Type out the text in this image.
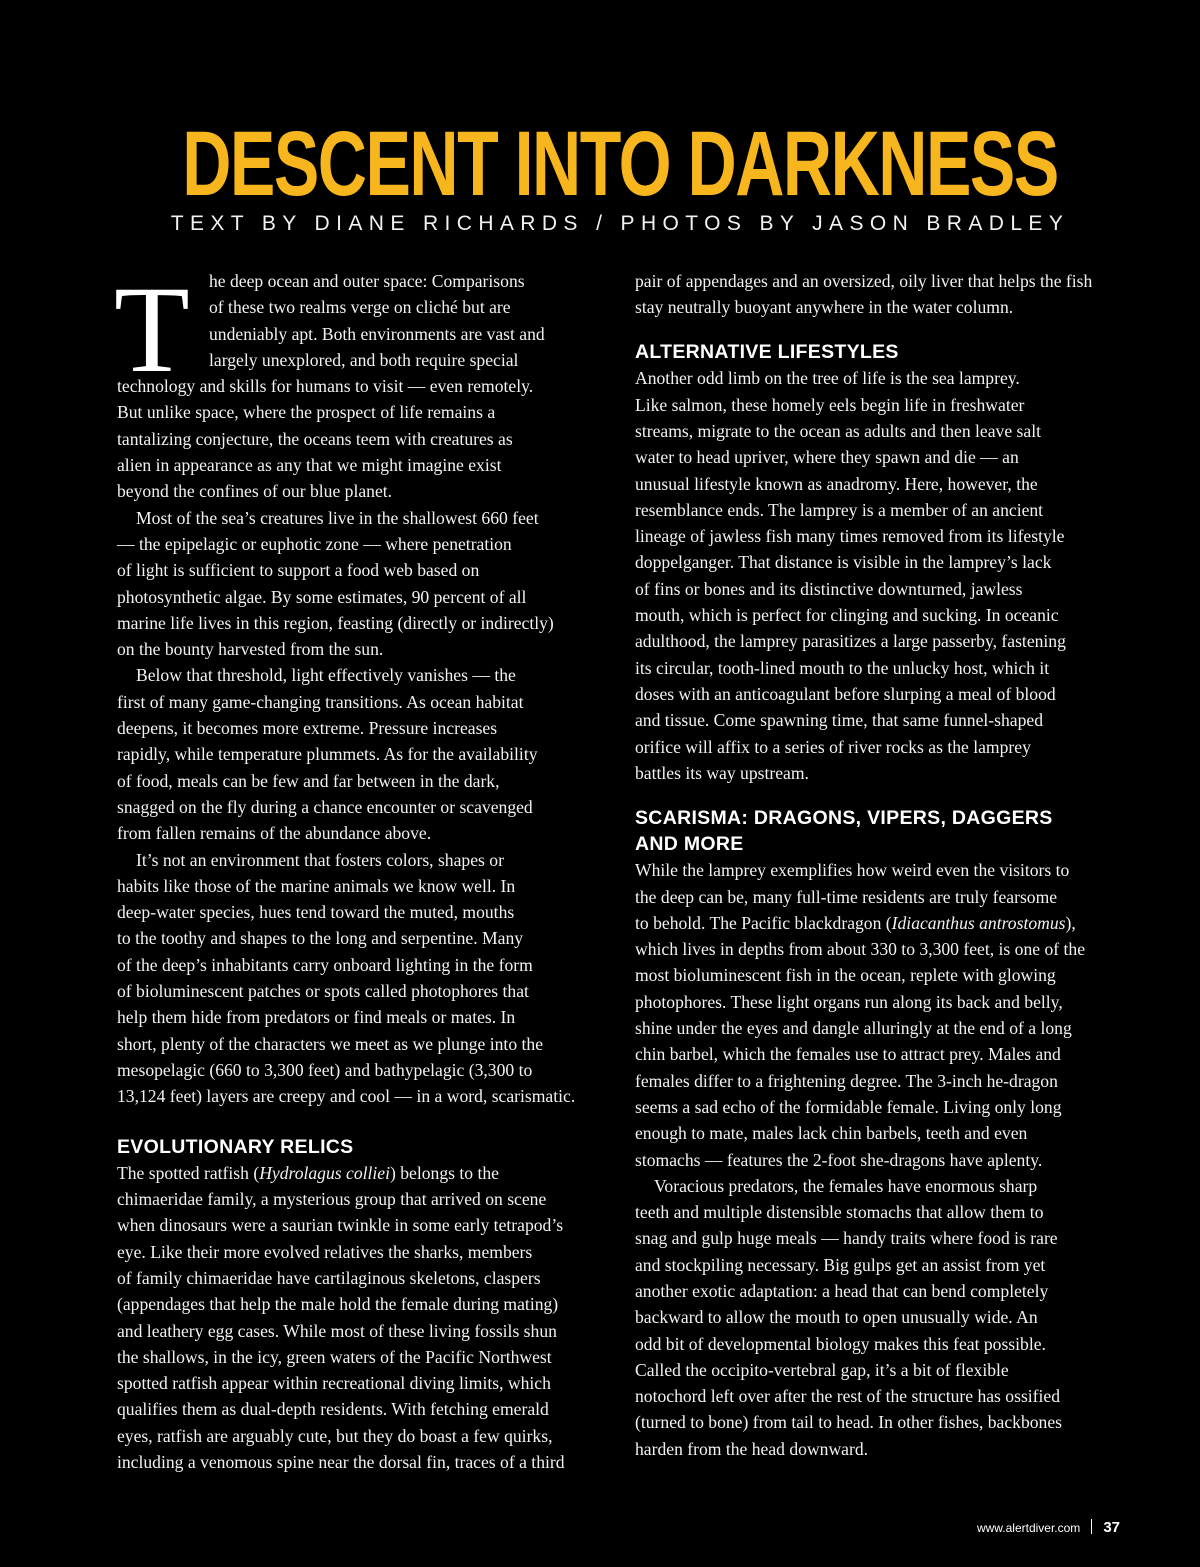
DESCENT INTO DARKNESS
TEXT BY DIANE RICHARDS / PHOTOS BY JASON BRADLEY
T	he deep ocean and outer space: Comparisons
of these two realms verge on cliché but are
undeniably apt. Both environments are vast and
largely unexplored, and both require special
technology and skills for humans to visit — even remotely.
But unlike space, where the prospect of life remains a
tantalizing conjecture, the oceans teem with creatures as
alien in appearance as any that we might imagine exist
beyond the confines of our blue planet.
Most of the sea’s creatures live in the shallowest 660 feet
— the epipelagic or euphotic zone — where penetration
of light is sufficient to support a food web based on
photosynthetic algae. By some estimates, 90 percent of all
marine life lives in this region, feasting (directly or indirectly)
on the bounty harvested from the sun.
Below that threshold, light effectively vanishes — the
first of many game-changing transitions. As ocean habitat
deepens, it becomes more extreme. Pressure increases
rapidly, while temperature plummets. As for the availability
of food, meals can be few and far between in the dark,
snagged on the fly during a chance encounter or scavenged
from fallen remains of the abundance above.
It’s not an environment that fosters colors, shapes or
habits like those of the marine animals we know well. In
deep-water species, hues tend toward the muted, mouths
to the toothy and shapes to the long and serpentine. Many
of the deep’s inhabitants carry onboard lighting in the form
of bioluminescent patches or spots called photophores that
help them hide from predators or find meals or mates. In
short, plenty of the characters we meet as we plunge into the
mesopelagic (660 to 3,300 feet) and bathypelagic (3,300 to
13,124 feet) layers are creepy and cool — in a word, scarismatic.
EVOLUTIONARY RELICS
The spotted ratfish (Hydrolagus colliei) belongs to the
chimaeridae family, a mysterious group that arrived on scene
when dinosaurs were a saurian twinkle in some early tetrapod’s
eye. Like their more evolved relatives the sharks, members
of family chimaeridae have cartilaginous skeletons, claspers
(appendages that help the male hold the female during mating)
and leathery egg cases. While most of these living fossils shun
the shallows, in the icy, green waters of the Pacific Northwest
spotted ratfish appear within recreational diving limits, which
qualifies them as dual-depth residents. With fetching emerald
eyes, ratfish are arguably cute, but they do boast a few quirks,
including a venomous spine near the dorsal fin, traces of a third
pair of appendages and an oversized, oily liver that helps the fish
stay neutrally buoyant anywhere in the water column.
ALTERNATIVE LIFESTYLES
Another odd limb on the tree of life is the sea lamprey.
Like salmon, these homely eels begin life in freshwater
streams, migrate to the ocean as adults and then leave salt
water to head upriver, where they spawn and die — an
unusual lifestyle known as anadromy. Here, however, the
resemblance ends. The lamprey is a member of an ancient
lineage of jawless fish many times removed from its lifestyle
doppelganger. That distance is visible in the lamprey’s lack
of fins or bones and its distinctive downturned, jawless
mouth, which is perfect for clinging and sucking. In oceanic
adulthood, the lamprey parasitizes a large passerby, fastening
its circular, tooth-lined mouth to the unlucky host, which it
doses with an anticoagulant before slurping a meal of blood
and tissue. Come spawning time, that same funnel-shaped
orifice will affix to a series of river rocks as the lamprey
battles its way upstream.
SCARISMA: DRAGONS, VIPERS, DAGGERS
AND MORE
While the lamprey exemplifies how weird even the visitors to
the deep can be, many full-time residents are truly fearsome
to behold. The Pacific blackdragon (Idiacanthus antrostomus),
which lives in depths from about 330 to 3,300 feet, is one of the
most bioluminescent fish in the ocean, replete with glowing
photophores. These light organs run along its back and belly,
shine under the eyes and dangle alluringly at the end of a long
chin barbel, which the females use to attract prey. Males and
females differ to a frightening degree. The 3-inch he-dragon
seems a sad echo of the formidable female. Living only long
enough to mate, males lack chin barbels, teeth and even
stomachs — features the 2-foot she-dragons have aplenty.
Voracious predators, the females have enormous sharp
teeth and multiple distensible stomachs that allow them to
snag and gulp huge meals — handy traits where food is rare
and stockpiling necessary. Big gulps get an assist from yet
another exotic adaptation: a head that can bend completely
backward to allow the mouth to open unusually wide. An
odd bit of developmental biology makes this feat possible.
Called the occipito-vertebral gap, it’s a bit of flexible
notochord left over after the rest of the structure has ossified
(turned to bone) from tail to head. In other fishes, backbones
harden from the head downward.
www.alertdiver.com 37
